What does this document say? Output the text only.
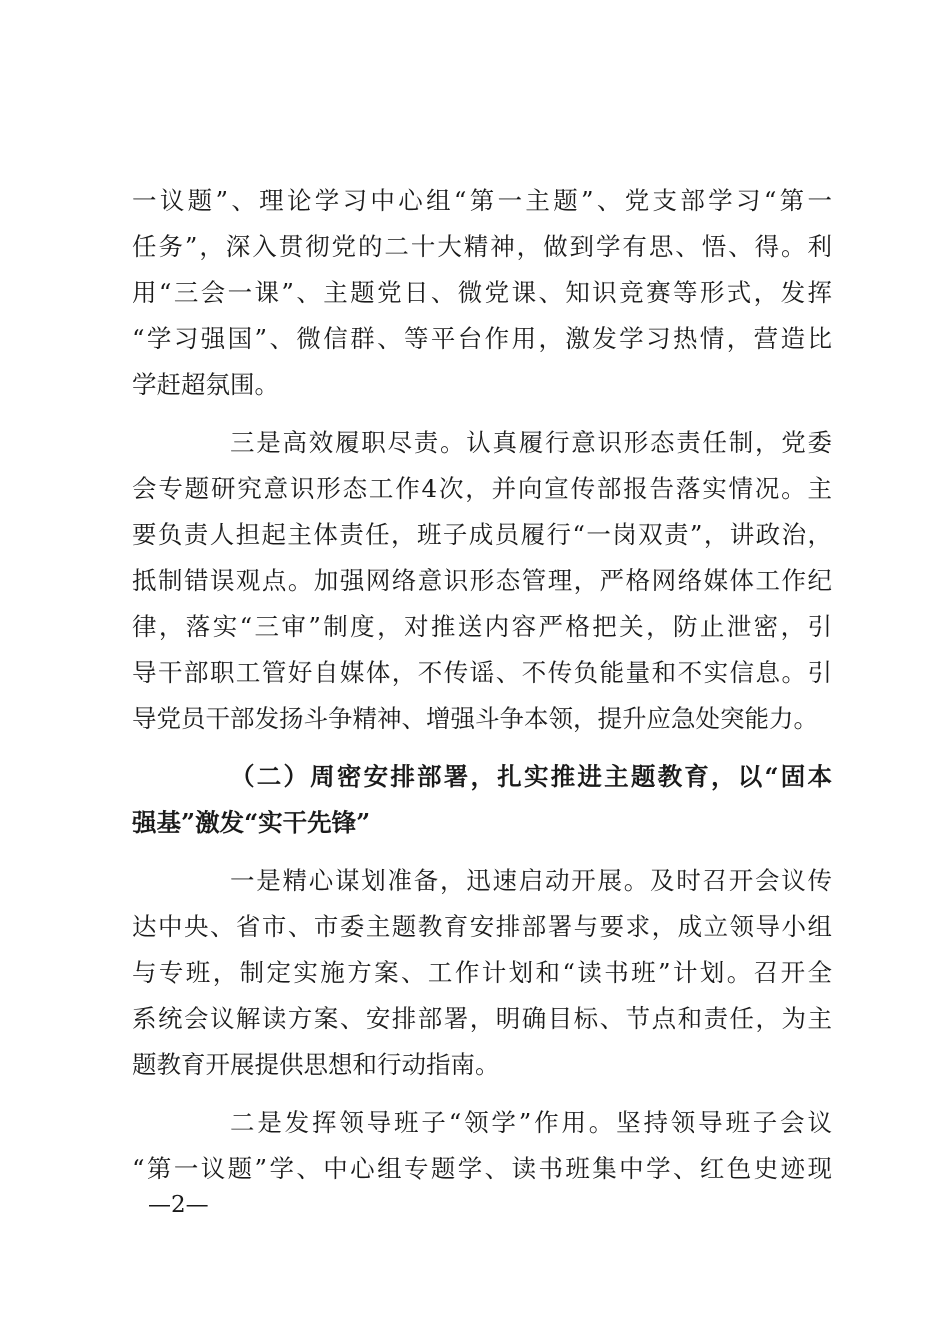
一议题”、理论学习中心组“第一主题”、党支部学习“第一
任务”，深入贯彻党的二十大精神，做到学有思、悟、得。利
用“三会一课”、主题党日、微党课、知识竞赛等形式，发挥
“学习强国”、微信群、等平台作用，激发学习热情，营造比
学赶超氛围。
三是高效履职尽责。认真履行意识形态责任制，党委
会专题研究意识形态工作4次，并向宣传部报告落实情况。主
要负责人担起主体责任，班子成员履行“一岗双责”，讲政治，
抵制错误观点。加强网络意识形态管理，严格网络媒体工作纪
律，落实“三审”制度，对推送内容严格把关，防止泄密，引
导干部职工管好自媒体，不传谣、不传负能量和不实信息。引
导党员干部发扬斗争精神、增强斗争本领，提升应急处突能力。
（二）周密安排部署，扎实推进主题教育，以“固本
强基”激发“实干先锋”
一是精心谋划准备，迅速启动开展。及时召开会议传
达中央、省市、市委主题教育安排部署与要求，成立领导小组
与专班，制定实施方案、工作计划和“读书班”计划。召开全
系统会议解读方案、安排部署，明确目标、节点和责任，为主
题教育开展提供思想和行动指南。
二是发挥领导班子“领学”作用。坚持领导班子会议
“第一议题”学、中心组专题学、读书班集中学、红色史迹现
—2—
